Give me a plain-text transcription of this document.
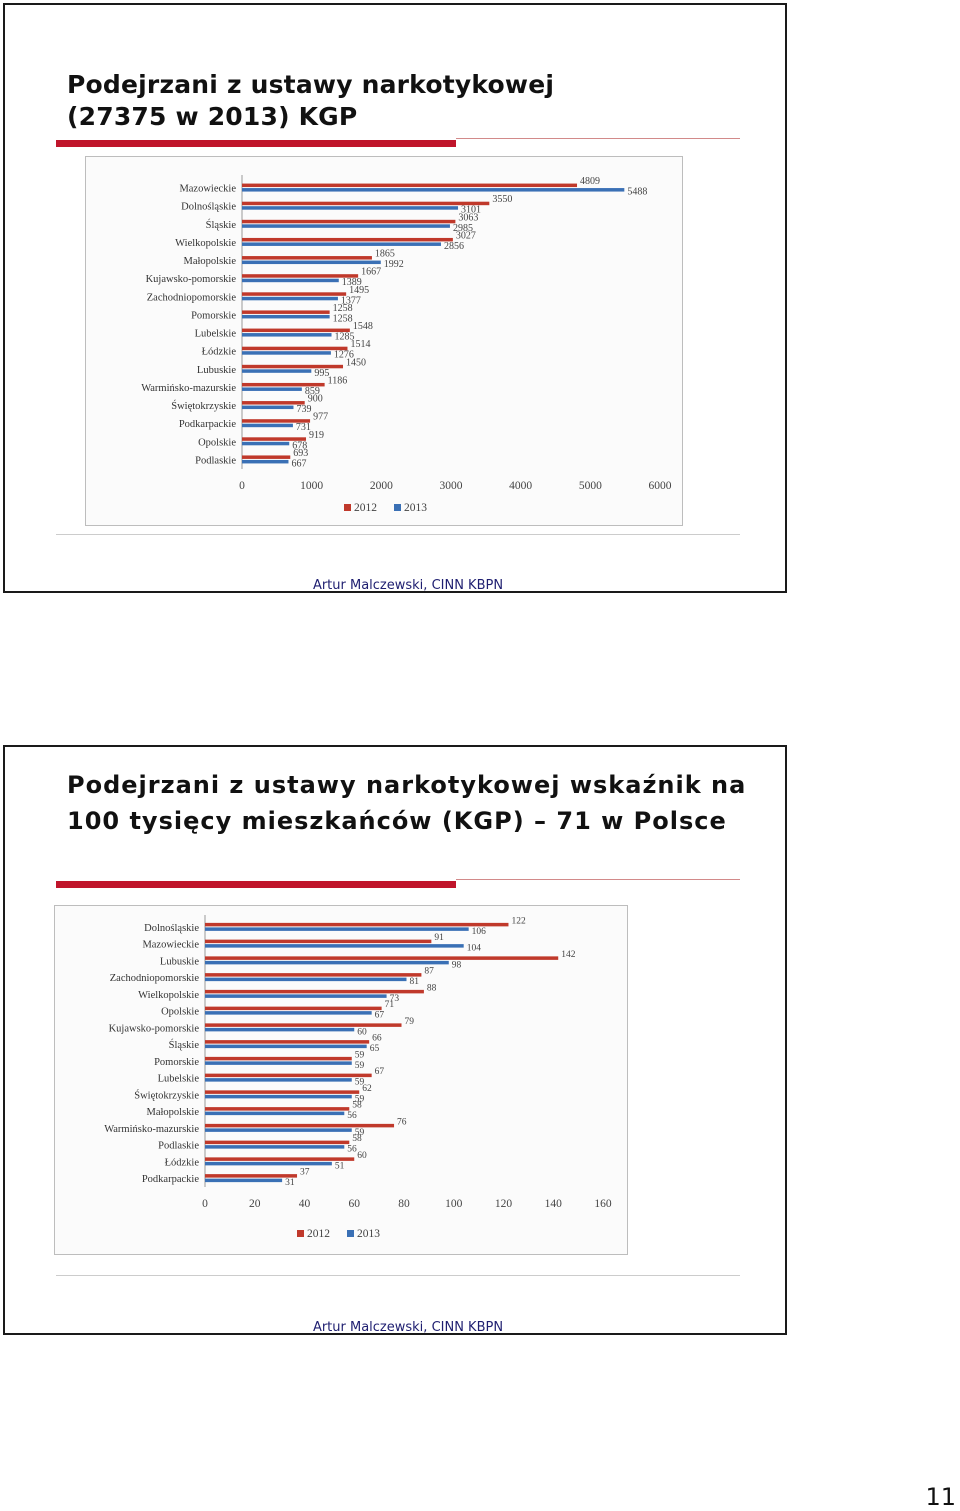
Podejrzani z ustawy narkotykowej
(27375 w 2013) KGP
Mazowieckie
4809
5488
Dolnośląskie
3550
3101
Śląskie
3063
2985
Wielkopolskie
3027
2856
Małopolskie
1865
1992
Kujawsko-pomorskie
1667
1389
Zachodniopomorskie
1495
1377
Pomorskie
1258
1258
Lubelskie
1548
1285
Łódzkie
1514
1276
Lubuskie
1450
995
Warmińsko-mazurskie
1186
859
Świętokrzyskie
900
739
Podkarpackie
977
731
Opolskie
919
678
Podlaskie
693
667
0	1000	2000	3000	4000	5000	6000
2012 2013
Artur Malczewski, CINN KBPN
Podejrzani z ustawy narkotykowej wskaźnik na 100 tysięcy mieszkańców (KGP) – 71 w Polsce
Dolnośląskie
122
106
Mazowieckie
91
104
Lubuskie
142
98
Zachodniopomorskie
87
81
Wielkopolskie
88
73
Opolskie
71
67
Kujawsko-pomorskie
79
60
Śląskie
66
65
Pomorskie
59
59
Lubelskie
67
59
Świętokrzyskie
62
59
Małopolskie
58
56
Warmińsko-mazurskie
76
59
Podlaskie
58
56
Łódzkie
60
51
Podkarpackie
37
31
0	20	40	60	80	100	120	140	160
2012 2013
Artur Malczewski, CINN KBPN
11
